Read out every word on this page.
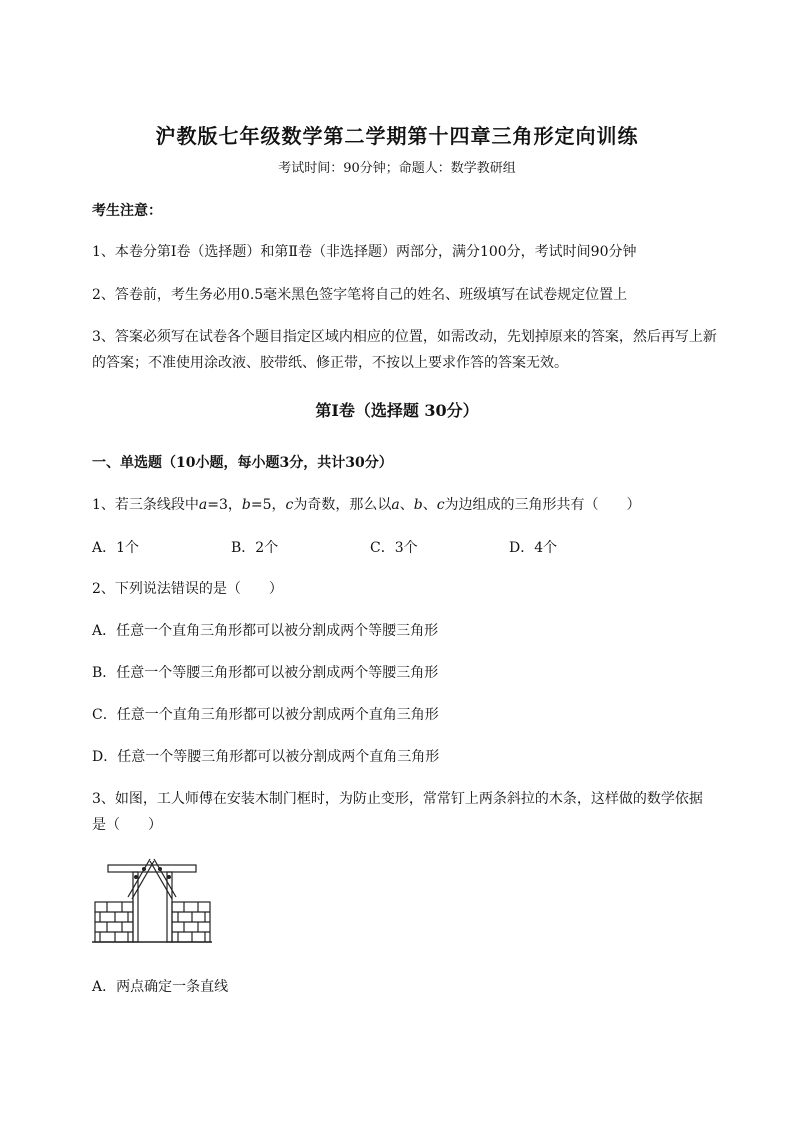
沪教版七年级数学第二学期第十四章三角形定向训练
考试时间：90分钟；命题人：数学教研组
考生注意：
1、本卷分第Ⅰ卷（选择题）和第Ⅱ卷（非选择题）两部分，满分100分，考试时间90分钟
2、答卷前，考生务必用0.5毫米黑色签字笔将自己的姓名、班级填写在试卷规定位置上
3、答案必须写在试卷各个题目指定区域内相应的位置，如需改动，先划掉原来的答案，然后再写上新
的答案；不准使用涂改液、胶带纸、修正带，不按以上要求作答的答案无效。
第Ⅰ卷（选择题 30分）
一、单选题（10小题，每小题3分，共计30分）
1、若三条线段中a=3，b=5，c为奇数，那么以a、b、c为边组成的三角形共有（　　）
A．1个	B．2个	C．3个	D．4个
2、下列说法错误的是（　　）
A．任意一个直角三角形都可以被分割成两个等腰三角形
B．任意一个等腰三角形都可以被分割成两个等腰三角形
C．任意一个直角三角形都可以被分割成两个直角三角形
D．任意一个等腰三角形都可以被分割成两个直角三角形
3、如图，工人师傅在安装木制门框时，为防止变形，常常钉上两条斜拉的木条，这样做的数学依据
是（　　）
A．两点确定一条直线
